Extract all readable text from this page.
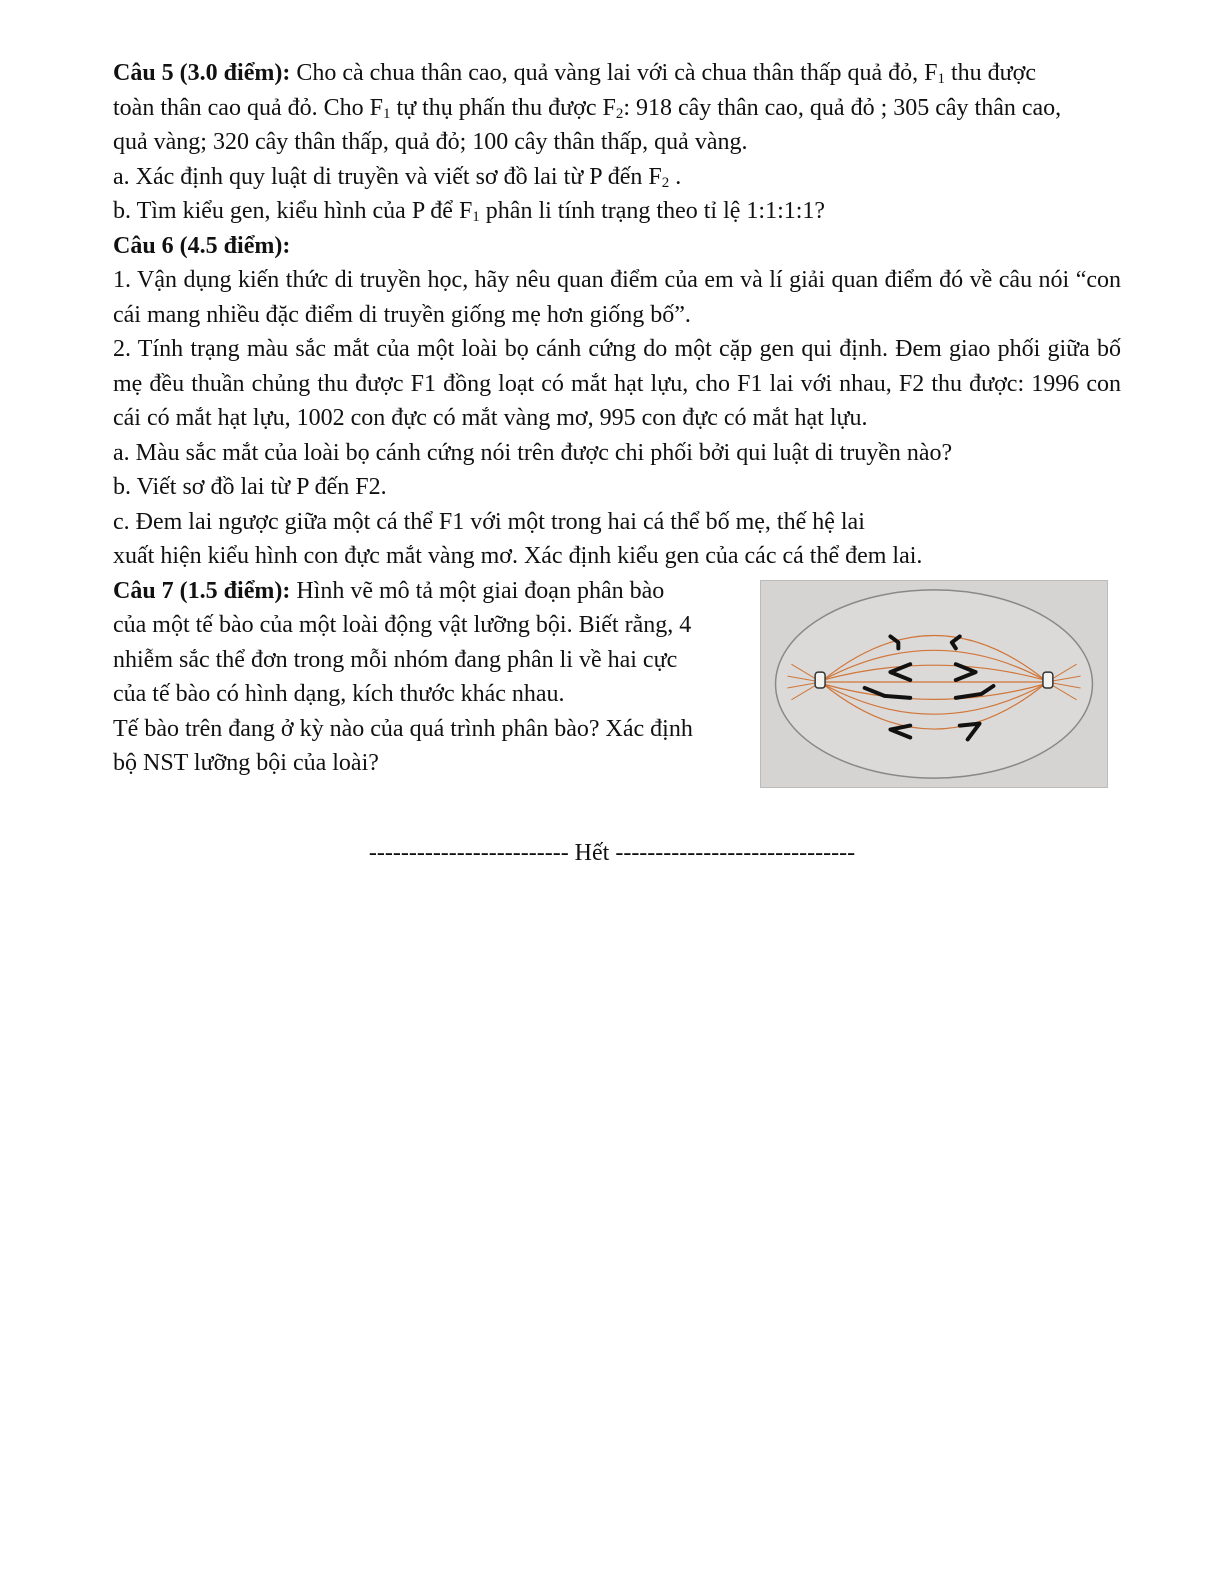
Câu 5 (3.0 điểm): Cho cà chua thân cao, quả vàng lai với cà chua thân thấp quả đỏ, $F_1$ thu được

toàn thân cao quả đỏ. Cho $F_1$ tự thụ phấn thu được $F_2$: 918 cây thân cao, quả đỏ ; 305 cây thân cao,

quả vàng; 320 cây thân thấp, quả đỏ; 100 cây thân thấp, quả vàng.

a. Xác định quy luật di truyền và viết sơ đồ lai từ P đến $F_2$ .

b. Tìm kiểu gen, kiểu hình của P để $F_1$ phân li tính trạng theo tỉ lệ 1:1:1:1?

Câu 6 (4.5 điểm):

1. Vận dụng kiến thức di truyền học, hãy nêu quan điểm của em và lí giải quan điểm đó về câu nói “con cái mang nhiều đặc điểm di truyền giống mẹ hơn giống bố”.

2. Tính trạng màu sắc mắt của một loài bọ cánh cứng do một cặp gen qui định. Đem giao phối giữa bố mẹ đều thuần chủng thu được F1 đồng loạt có mắt hạt lựu, cho F1 lai với nhau, F2 thu được: 1996 con cái có mắt hạt lựu, 1002 con đực có mắt vàng mơ, 995 con đực có mắt hạt lựu.

a. Màu sắc mắt của loài bọ cánh cứng nói trên được chi phối bởi qui luật di truyền nào?

b. Viết sơ đồ lai từ P đến F2.

c. Đem lai ngược giữa một cá thể F1 với một trong hai cá thể bố mẹ, thế hệ lai

xuất hiện kiểu hình con đực mắt vàng mơ. Xác định kiểu gen của các cá thể đem lai.

Câu 7 (1.5 điểm): Hình vẽ mô tả một giai đoạn phân bào

của một tế bào của một loài động vật lưỡng bội. Biết rằng, 4

nhiễm sắc thể đơn trong mỗi nhóm đang phân li về hai cực

của tế bào có hình dạng, kích thước khác nhau.

Tế bào trên đang ở kỳ nào của quá trình phân bào? Xác định

bộ NST lưỡng bội của loài?

------------------------- Hết ------------------------------
